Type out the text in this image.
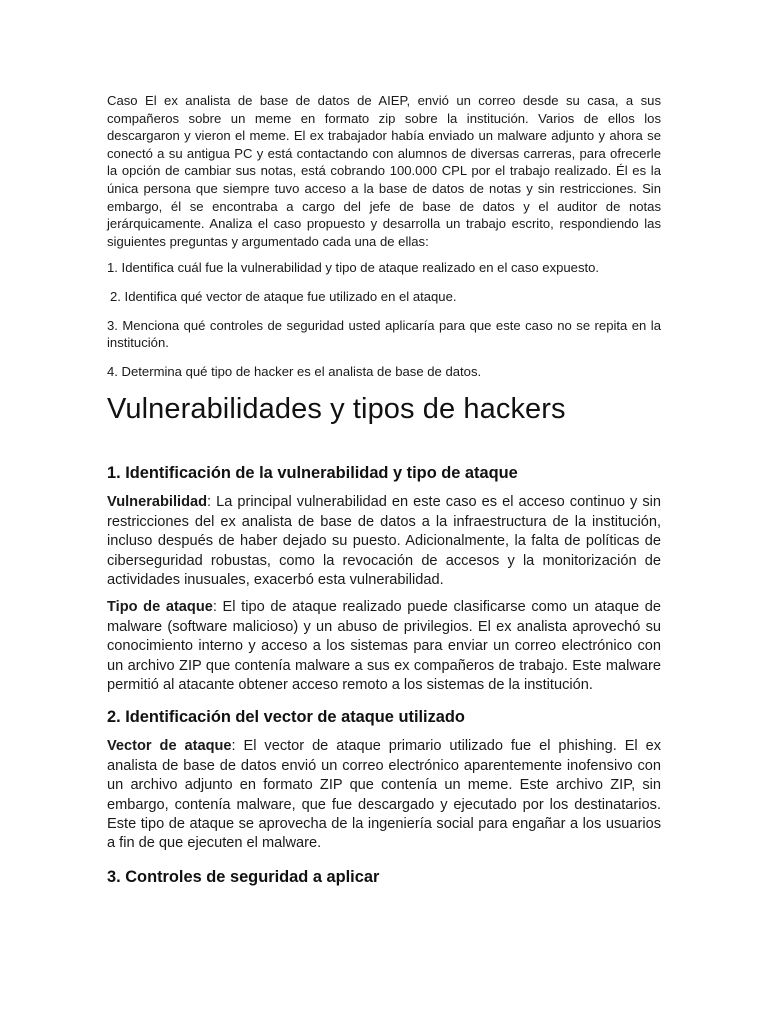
Caso El ex analista de base de datos de AIEP, envió un correo desde su casa, a sus compañeros sobre un meme en formato zip sobre la institución. Varios de ellos los descargaron y vieron el meme. El ex trabajador había enviado un malware adjunto y ahora se conectó a su antigua PC y está contactando con alumnos de diversas carreras, para ofrecerle la opción de cambiar sus notas, está cobrando 100.000 CPL por el trabajo realizado. Él es la única persona que siempre tuvo acceso a la base de datos de notas y sin restricciones. Sin embargo, él se encontraba a cargo del jefe de base de datos y el auditor de notas jerárquicamente. Analiza el caso propuesto y desarrolla un trabajo escrito, respondiendo las siguientes preguntas y argumentado cada una de ellas:

1. Identifica cuál fue la vulnerabilidad y tipo de ataque realizado en el caso expuesto.

2. Identifica qué vector de ataque fue utilizado en el ataque.

3. Menciona qué controles de seguridad usted aplicaría para que este caso no se repita en la institución.

4. Determina qué tipo de hacker es el analista de base de datos.

Vulnerabilidades y tipos de hackers
1. Identificación de la vulnerabilidad y tipo de ataque

Vulnerabilidad: La principal vulnerabilidad en este caso es el acceso continuo y sin restricciones del ex analista de base de datos a la infraestructura de la institución, incluso después de haber dejado su puesto. Adicionalmente, la falta de políticas de ciberseguridad robustas, como la revocación de accesos y la monitorización de actividades inusuales, exacerbó esta vulnerabilidad.

Tipo de ataque: El tipo de ataque realizado puede clasificarse como un ataque de malware (software malicioso) y un abuso de privilegios. El ex analista aprovechó su conocimiento interno y acceso a los sistemas para enviar un correo electrónico con un archivo ZIP que contenía malware a sus ex compañeros de trabajo. Este malware permitió al atacante obtener acceso remoto a los sistemas de la institución.

2. Identificación del vector de ataque utilizado

Vector de ataque: El vector de ataque primario utilizado fue el phishing. El ex analista de base de datos envió un correo electrónico aparentemente inofensivo con un archivo adjunto en formato ZIP que contenía un meme. Este archivo ZIP, sin embargo, contenía malware, que fue descargado y ejecutado por los destinatarios. Este tipo de ataque se aprovecha de la ingeniería social para engañar a los usuarios a fin de que ejecuten el malware.

3. Controles de seguridad a aplicar
